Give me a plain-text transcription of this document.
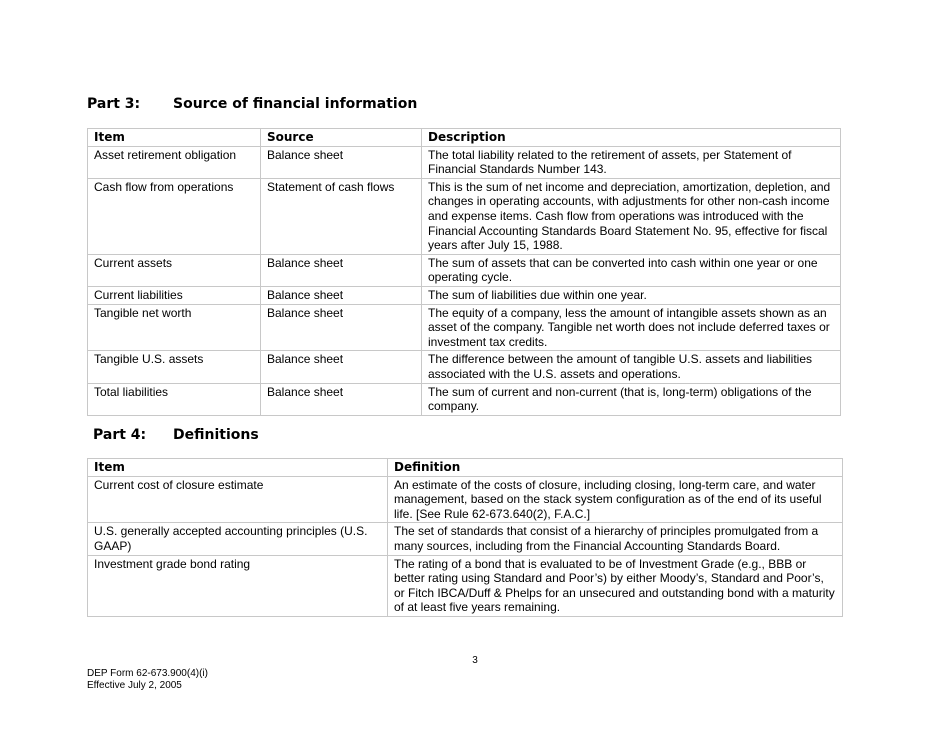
Part 3: Source of financial information
Item	Source	Description
Asset retirement obligation	Balance sheet	The total liability related to the retirement of assets, per Statement of Financial Standards Number 143.
Cash flow from operations	Statement of cash flows	This is the sum of net income and depreciation, amortization, depletion, and changes in operating accounts, with adjustments for other non-cash income and expense items. Cash flow from operations was introduced with the Financial Accounting Standards Board Statement No. 95, effective for fiscal years after July 15, 1988.
Current assets	Balance sheet	The sum of assets that can be converted into cash within one year or one operating cycle.
Current liabilities	Balance sheet	The sum of liabilities due within one year.
Tangible net worth	Balance sheet	The equity of a company, less the amount of intangible assets shown as an asset of the company. Tangible net worth does not include deferred taxes or investment tax credits.
Tangible U.S. assets	Balance sheet	The difference between the amount of tangible U.S. assets and liabilities associated with the U.S. assets and operations.
Total liabilities	Balance sheet	The sum of current and non-current (that is, long-term) obligations of the company.
Part 4: Definitions
Item	Definition
Current cost of closure estimate	An estimate of the costs of closure, including closing, long-term care, and water management, based on the stack system configuration as of the end of its useful life. [See Rule 62-673.640(2), F.A.C.]
U.S. generally accepted accounting principles (U.S. GAAP)	The set of standards that consist of a hierarchy of principles promulgated from a many sources, including from the Financial Accounting Standards Board.
Investment grade bond rating	The rating of a bond that is evaluated to be of Investment Grade (e.g., BBB or better rating using Standard and Poor’s) by either Moody’s, Standard and Poor’s, or Fitch IBCA/Duff & Phelps for an unsecured and outstanding bond with a maturity of at least five years remaining.
3
DEP Form 62-673.900(4)(i)
Effective July 2, 2005
